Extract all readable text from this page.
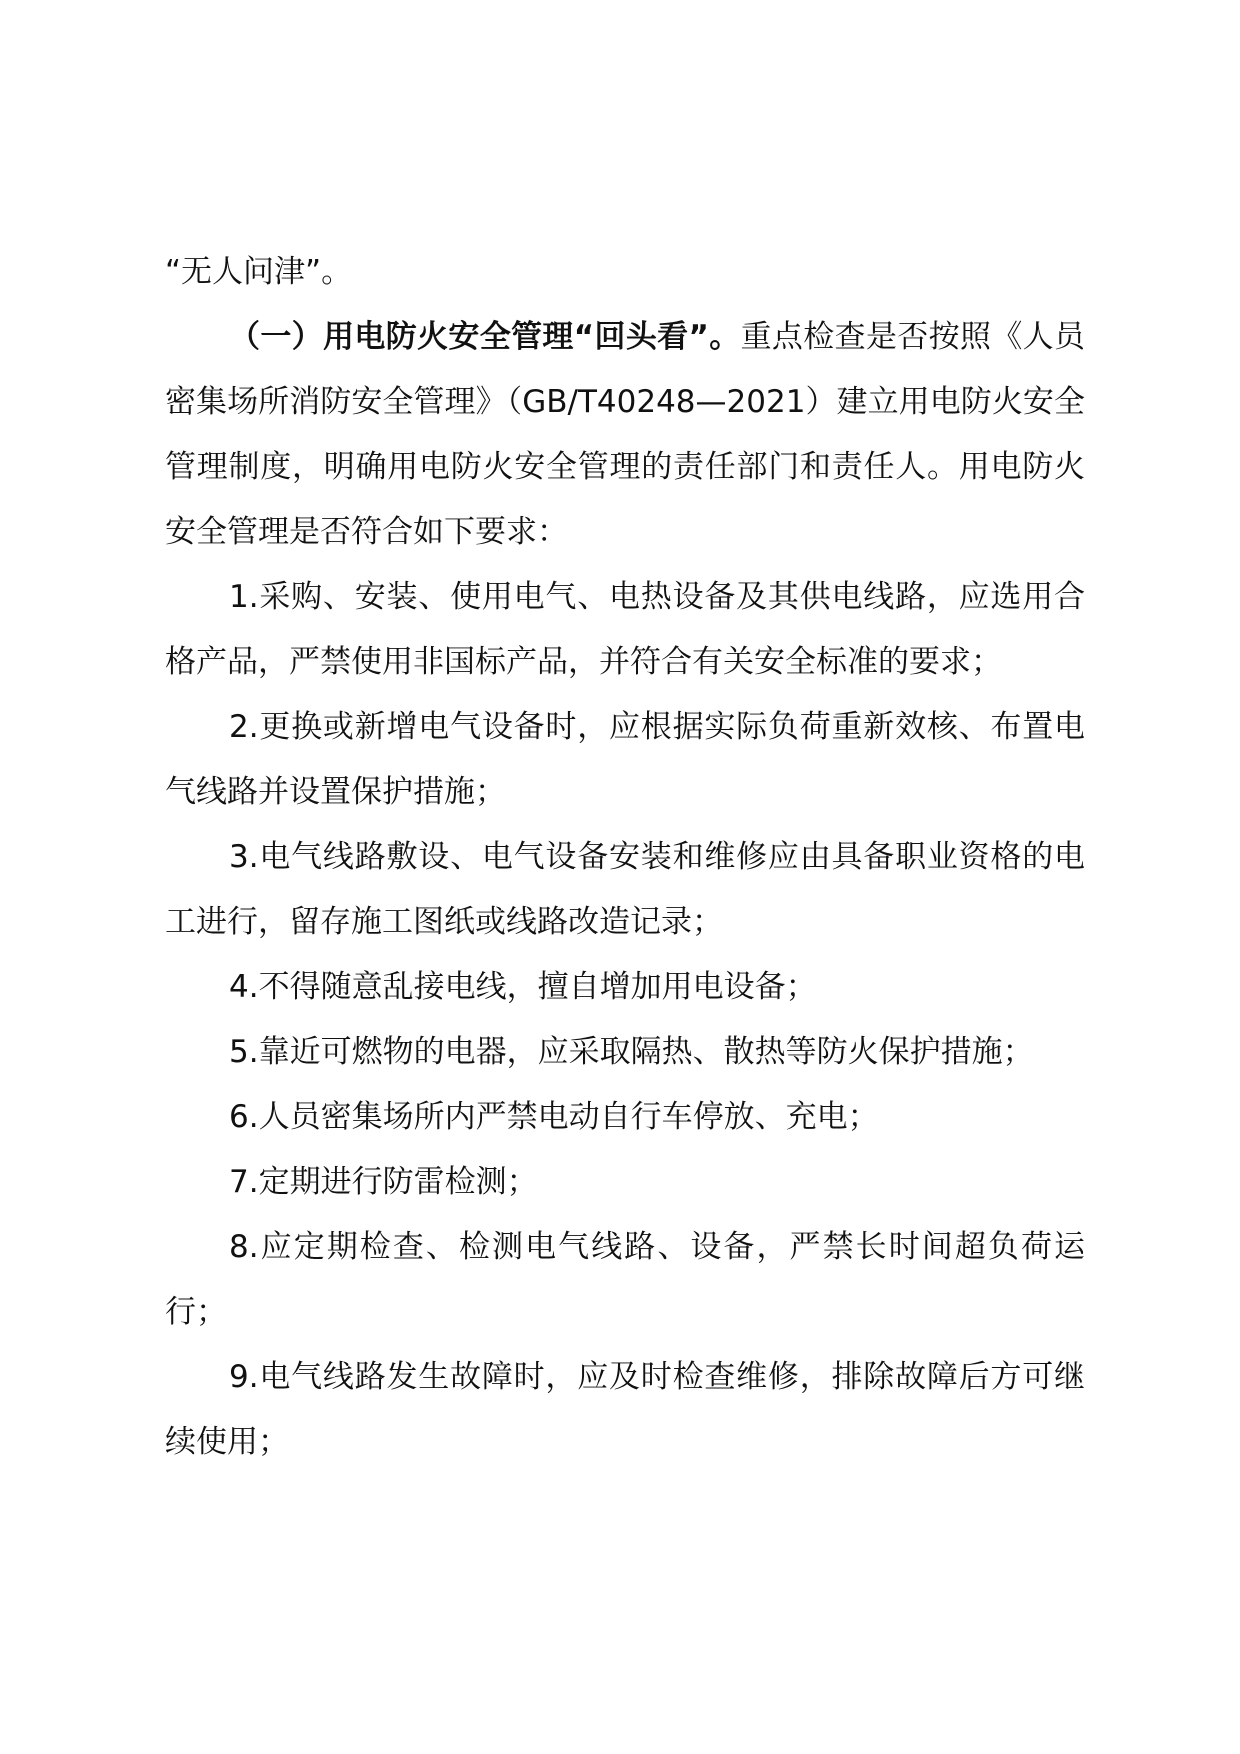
“无人问津”。

（一）用电防火安全管理“回头看”。重点检查是否按照《人员密集场所消防安全管理》（GB/T40248—2021）建立用电防火安全管理制度，明确用电防火安全管理的责任部门和责任人。用电防火安全管理是否符合如下要求：

1.采购、安装、使用电气、电热设备及其供电线路，应选用合格产品，严禁使用非国标产品，并符合有关安全标准的要求；

2.更换或新增电气设备时，应根据实际负荷重新效核、布置电气线路并设置保护措施；

3.电气线路敷设、电气设备安装和维修应由具备职业资格的电工进行，留存施工图纸或线路改造记录；

4.不得随意乱接电线，擅自增加用电设备；

5.靠近可燃物的电器，应采取隔热、散热等防火保护措施；

6.人员密集场所内严禁电动自行车停放、充电；

7.定期进行防雷检测；

8.应定期检查、检测电气线路、设备，严禁长时间超负荷运行；

9.电气线路发生故障时，应及时检查维修，排除故障后方可继续使用；
